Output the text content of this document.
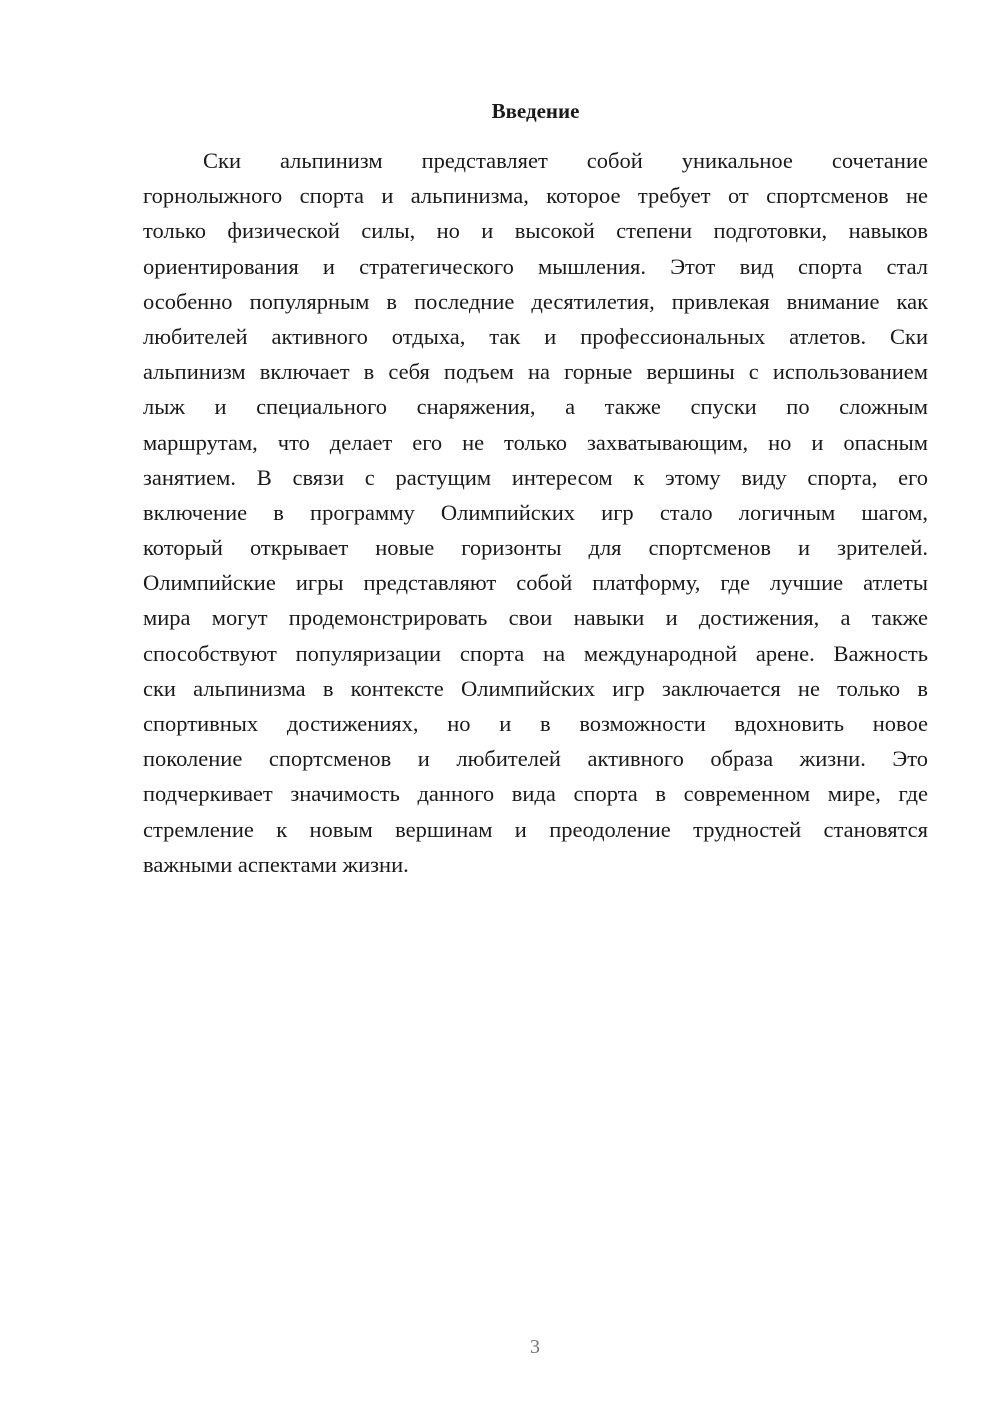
Введение
Ски альпинизм представляет собой уникальное сочетание
горнолыжного спорта и альпинизма, которое требует от спортсменов не
только физической силы, но и высокой степени подготовки, навыков
ориентирования и стратегического мышления. Этот вид спорта стал
особенно популярным в последние десятилетия, привлекая внимание как
любителей активного отдыха, так и профессиональных атлетов. Ски
альпинизм включает в себя подъем на горные вершины с использованием
лыж и специального снаряжения, а также спуски по сложным
маршрутам, что делает его не только захватывающим, но и опасным
занятием. В связи с растущим интересом к этому виду спорта, его
включение в программу Олимпийских игр стало логичным шагом,
который открывает новые горизонты для спортсменов и зрителей.
Олимпийские игры представляют собой платформу, где лучшие атлеты
мира могут продемонстрировать свои навыки и достижения, а также
способствуют популяризации спорта на международной арене. Важность
ски альпинизма в контексте Олимпийских игр заключается не только в
спортивных достижениях, но и в возможности вдохновить новое
поколение спортсменов и любителей активного образа жизни. Это
подчеркивает значимость данного вида спорта в современном мире, где
стремление к новым вершинам и преодоление трудностей становятся
важными аспектами жизни.
3
